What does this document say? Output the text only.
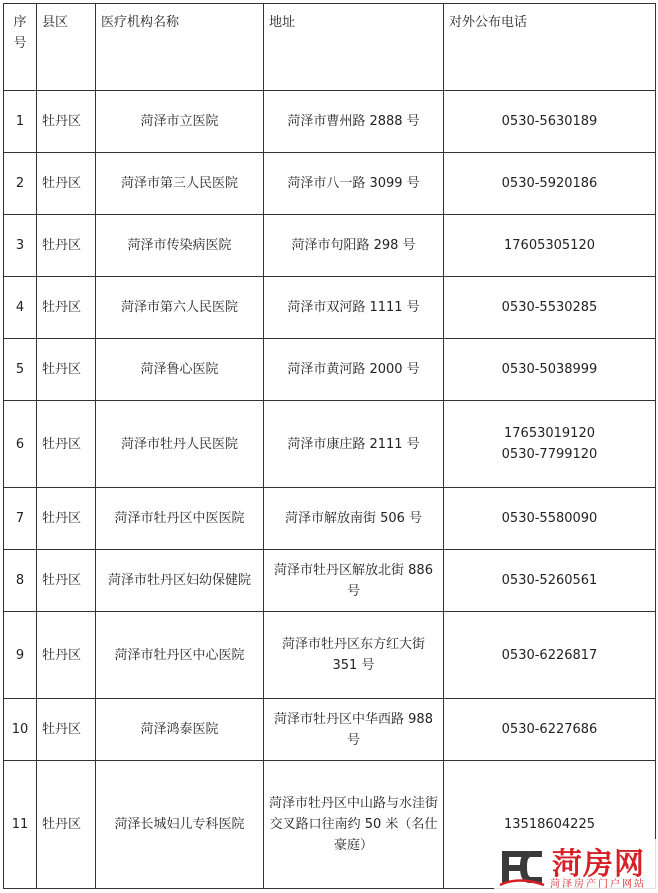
序号	县区	医疗机构名称	地址	对外公布电话
1	牡丹区	菏泽市立医院	菏泽市曹州路 2888 号	0530-5630189
2	牡丹区	菏泽市第三人民医院	菏泽市八一路 3099 号	0530-5920186
3	牡丹区	菏泽市传染病医院	菏泽市句阳路 298 号	17605305120
4	牡丹区	菏泽市第六人民医院	菏泽市双河路 1111 号	0530-5530285
5	牡丹区	菏泽鲁心医院	菏泽市黄河路 2000 号	0530-5038999
6	牡丹区	菏泽市牡丹人民医院	菏泽市康庄路 2111 号	17653019120
0530-7799120

7	牡丹区	菏泽市牡丹区中医医院	菏泽市解放南街 506 号	0530-5580090
8	牡丹区	菏泽市牡丹区妇幼保健院	菏泽市牡丹区解放北街 886 号	0530-5260561
9	牡丹区	菏泽市牡丹区中心医院	菏泽市牡丹区东方红大街 351 号	0530-6226817
10	牡丹区	菏泽鸿泰医院	菏泽市牡丹区中华西路 988 号	0530-6227686
11	牡丹区	菏泽长城妇儿专科医院	菏泽市牡丹区中山路与水洼街交叉路口往南约 50 米（名仕豪庭）	13518604225
菏房网
菏泽房产门户网站
